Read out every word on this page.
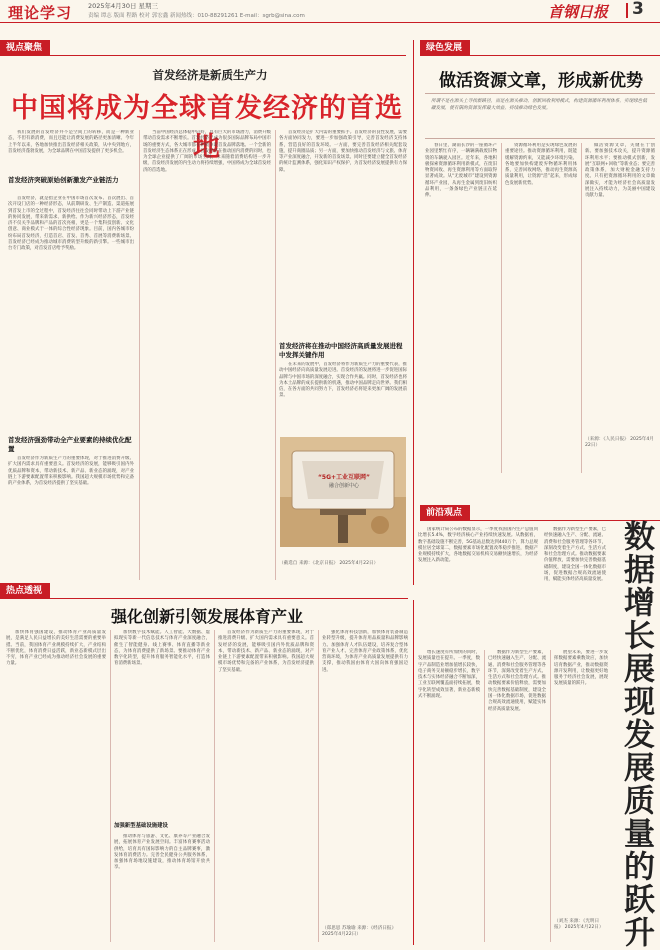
理论学习 2025年4月30日 星期三
责编 谭志 版面 程路 校对 郭宏鑫 新闻热线：010-88291261 E-mail：sgrb@sina.com	首钢日报 3
视点聚焦
首发经济是新质生产力
中国将成为全球首发经济的首选地
我们发展的首发经济并不是空间上的转移，而是一种新业态，不但有新消费，而且还能让消费发展的路径更加清晰。今年上半年以来，各地加快推出首发经济相关政策，从中央到地方，首发经济蓬勃发展，为全球品牌在中国首发提供了更多机会。
首发经济突破原始创新激发产业链活力
首发经济，就是指企业在中国市场首次发布、首次展出、首次开设门店的一种经济形态，从前期研发、生产制造、渠道拓展到首发上市的全过程中，首发经济往往会同时带动上下游产业链的协同发展，带来新需求、新供给。作为新兴经济形态，首发经济不仅关乎品牌和产品的首次亮相，更是一个集科技创新、文化创意、商业模式于一体的综合性经济现象。目前，国内各城市纷纷布局首发经济，打造首店、首发、首秀、首展等消费新场景。首发经济已经成为推动城市消费转型升级的新引擎。一些城市出台专门政策，对首发首店给予奖励。
首发经济强劲带动全产业要素的持续优化配置
首发经济作为新质生产力的重要体现，对于推进消费升级、扩大国内需求具有重要意义。首发经济的发展，能够吸引国内外优质品牌和资本，带动新技术、新产品、新业态的涌现，对产业链上下游要素配置带来积极影响。我国超大规模市场优势和完备的产业体系，为首发经济提供了坚实基础。
当前中国经济总体稳中向好，具有巨大的市场潜力，消费升级带动首发需求不断增长。首发经济已成为很多国际品牌布局中国市场的重要方式，各大城市都在积极争取首发品牌落地。一个全新的首发经济生态体系正在形成。首发经济在推动国内消费的同时，也为全球企业提供了广阔的市场空间。未来随着消费结构进一步升级，首发经济发展的内生动力将持续增强，中国将成为全球首发经济的首选地。
首发经济是扩大内需的重要抓手。首发经济的良性发展，需要各方面协同发力，要进一步加强政策引导，完善首发经济支持体系，营造良好的首发环境。一方面，要完善首发经济相关配套设施，提升商圈品质；另一方面，要加快推动首发经济与文旅、体育等产业深度融合，开发新的首发场景。同时还要建立健全首发经济的统计监测体系，强化知识产权保护，为首发经济发展提供有力保障。
首发经济将在推动中国经济高质量发展进程中发挥关键作用
在未来的发展中，首发经济将作为新质生产力的重要代表，推动中国经济向高质量发展迈进。首发经济的发展将进一步促进国际品牌与中国市场的深度融合，实现合作共赢。同时，首发经济也将为本土品牌的成长提供新的机遇，推动中国品牌走向世界。我们相信，在各方面的共同努力下，首发经济必将迎来更加广阔的发展前景。
（截选自 来源：《北京日报》 2025年4月22日）
绿色发展
做活资源文章，形成新优势
所谓不是在源头上寻找新路径，而是在源头推动，创新回收利用模式，构建资源循环利用体系，实现绿色低碳发展，使有限的资源发挥最大效益，持续推动绿色发展。
春日里，湖南长沙的一座循环产业园里繁忙有序，一辆辆满载废旧物资的车辆驶入园区。近年来，各地积极探索资源循环利用新模式，在废旧物资回收、再生资源利用等方面取得显著成效。从“无废城市”建设到资源循环产业园，从再生金属到废旧纺织品利用，一条条绿色产业链正在延伸。
资源循环利用是实现绿色发展的重要途径。推动资源循环利用，既能缓解资源约束，又能减少环境污染。各地要加快构建废弃物循环利用体系，完善回收网络，推动再生资源高质量利用，让资源“活”起来，形成绿色发展新优势。
做活资源文章，关键在于创新。要加强技术攻关，提升资源循环利用水平；要推动模式创新，发展“互联网+回收”等新业态；要完善政策体系，加大财税金融支持力度。只有把资源循环利用的文章做深做实，才能为经济社会高质量发展注入持续动力，为美丽中国建设贡献力量。
（来源：《人民日报》 2025年4月22日）
前沿观点
国家统计局公布的数据显示，一季度我国国内生产总值同比增长5.4%，数字经济核心产业持续快速发展。从数据看，数字基础设施不断完善，5G基站总数达到440万个，算力总规模位居全球第二，数据要素市场化配置改革稳步推进，数据产业规模持续扩大，各地数据交易机构交易额快速增长，为经济发展注入新动能。
数据作为新型生产要素，已经快速融入生产、分配、流通、消费和社会服务管理等各环节，深刻改变着生产方式、生活方式和社会治理方式。推动数据要素价值释放，需要加快完善数据基础制度，建设全国一体化数据市场，促进数据合规高效流通使用，赋能实体经济高质量发展。 数据增长展现发展质量的跃升
热点透视
强化创新引领发展体育产业
加快体育强国建设，推动体育产业高质量发展，是满足人民日益增长的美好生活需要的重要举措。当前，我国体育产业规模持续扩大，产业结构不断优化，体育消费日益活跃，新业态新模式层出不穷，体育产业已经成为推动经济社会发展的重要力量。
加快数字技术赋能。人工智能、大数据、虚拟现实等新一代信息技术与体育产业深度融合，催生了智能健身、线上赛事、体育直播等新业态，为体育消费提供了新场景。要推动体育产业数字化转型，提升体育服务智能化水平，打造体育消费新场景。
加强新型基础设施建设
推动体育与旅游、文化、康养等产业融合发展，拓展体育产业发展空间。丰富体育赛事活动供给，培育具有国际影响力的自主品牌赛事，激发体育消费活力。完善全民健身公共服务体系，加强体育场地设施建设，推动体育场馆开放共享。
首发经济作为新质生产力的重要体现，对于推进消费升级、扩大国内需求具有重要意义。首发经济的发展，能够吸引国内外优质品牌和资本，带动新技术、新产品、新业态的涌现，对产业链上下游要素配置带来积极影响。我国超大规模市场优势和完备的产业体系，为首发经济提供了坚实基础。
强化体育科技创新，加快体育装备制造业转型升级，提升体育用品质量和品牌影响力。加强体育人才队伍建设，培养复合型体育产业人才。完善体育产业政策体系，优化营商环境，为体育产业高质量发展提供有力支撑，推动我国由体育大国向体育强国迈进。
（郑思思 苏瑜瑜 来源：《经济日报》 2025年4月22日）
增长速度有所加快的同时，发展质量也在提升。一季度，数字产品制造业增加值增长较快，电子商务交易额稳步增长，数字技术与实体经济融合不断加深，工业互联网覆盖面持续拓展，数字化转型成效显著，新业态新模式不断涌现。
数据作为新型生产要素，已经快速融入生产、分配、流通、消费和社会服务管理等各环节，深刻改变着生产方式、生活方式和社会治理方式。推动数据要素价值释放，需要加快完善数据基础制度，建设全国一体化数据市场，促进数据合规高效流通使用，赋能实体经济高质量发展。
展望未来，要进一步发挥数据要素乘数效应，加快培育数据产业，推动数据资源开发利用，让数据更好地服务于经济社会发展，展现发展质量的跃升。
（刘杰 来源：《光明日报》 2025年4月22日）
“5G+工业互联网”
融合创新中心
